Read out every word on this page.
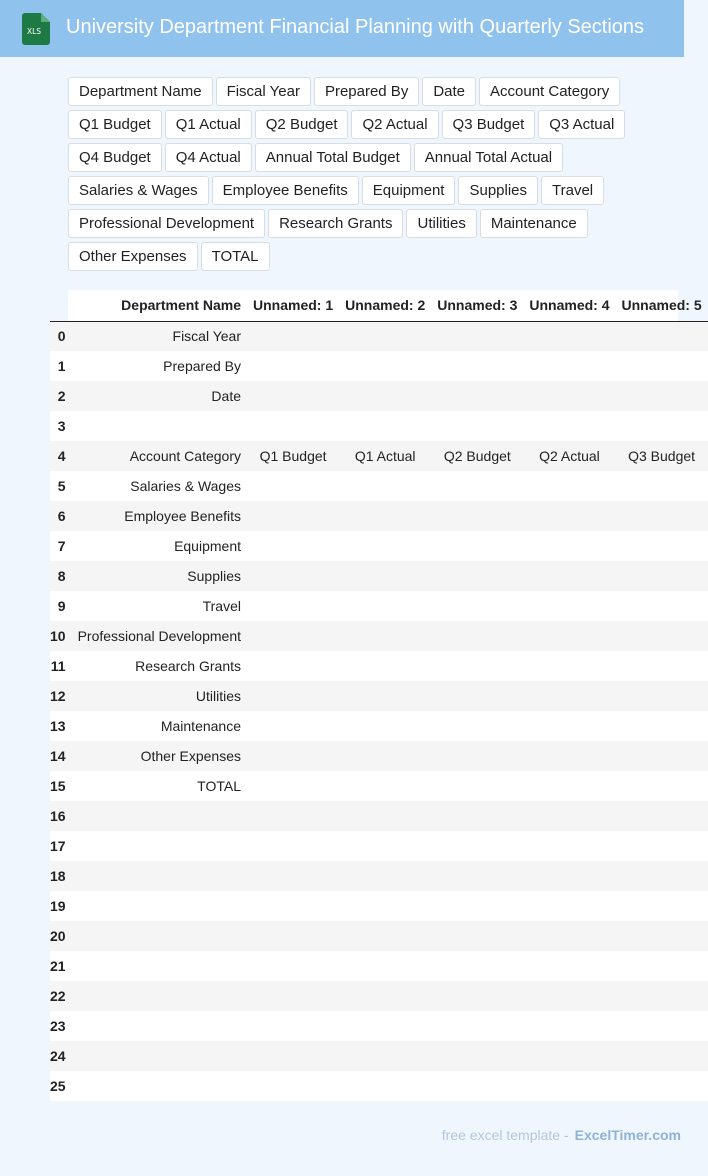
XLS University Department Financial Planning with Quarterly Sections
Department Name	Fiscal Year	Prepared By	Date	Account Category
Q1 Budget	Q1 Actual	Q2 Budget	Q2 Actual	Q3 Budget	Q3 Actual
Q4 Budget	Q4 Actual	Annual Total Budget	Annual Total Actual
Salaries & Wages	Employee Benefits	Equipment	Supplies	Travel
Professional Development	Research Grants	Utilities	Maintenance
Other Expenses	TOTAL
	Department Name	Unnamed: 1	Unnamed: 2	Unnamed: 3	Unnamed: 4	Unnamed: 5
0	Fiscal Year					
1	Prepared By					
2	Date					
3						
4	Account Category	Q1 Budget	Q1 Actual	Q2 Budget	Q2 Actual	Q3 Budget
5	Salaries & Wages					
6	Employee Benefits					
7	Equipment					
8	Supplies					
9	Travel					
10	Professional Development					
11	Research Grants					
12	Utilities					
13	Maintenance					
14	Other Expenses					
15	TOTAL					
16						
17						
18						
19						
20						
21						
22						
23						
24						
25						
free excel template - ExcelTimer.com
